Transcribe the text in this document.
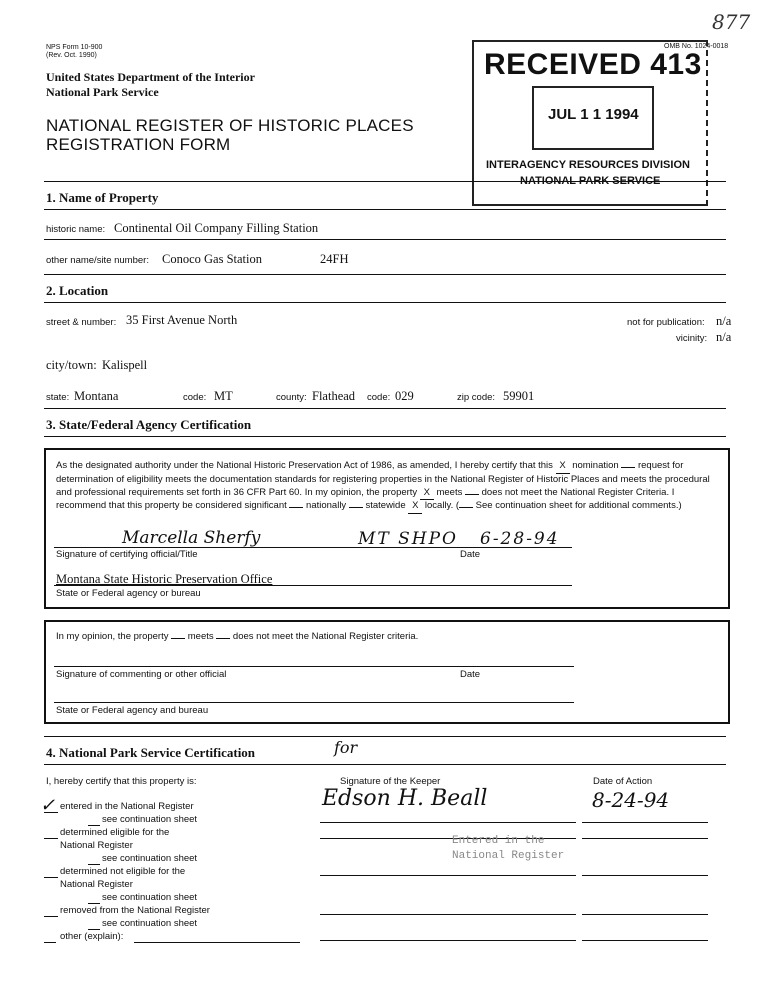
NPS Form 10-900
(Rev. Oct. 1990)
United States Department of the Interior
National Park Service
NATIONAL REGISTER OF HISTORIC PLACES
REGISTRATION FORM
OMB No. 1024-0018
877
RECEIVED 413
JUL 1 1 1994
INTERAGENCY RESOURCES DIVISION
NATIONAL PARK SERVICE
1. Name of Property
historic name: Continental Oil Company Filling Station
other name/site number: Conoco Gas Station	24FH
2. Location
street & number: 35 First Avenue North	not for publication: n/a
vicinity: n/a
city/town: Kalispell
state: Montana	code: MT	county: Flathead code: 029	zip code: 59901
3. State/Federal Agency Certification
As the designated authority under the National Historic Preservation Act of 1986, as amended, I hereby certify that this X nomination request for determination of eligibility meets the documentation standards for registering properties in the National Register of Historic Places and meets the procedural and professional requirements set forth in 36 CFR Part 60. In my opinion, the property X meets does not meet the National Register Criteria. I recommend that this property be considered significant nationally statewide X locally. ( See continuation sheet for additional comments.)
Marcella Sherfy	MT SHPO 6-28-94
Signature of certifying official/Title	Date
Montana State Historic Preservation Office
State or Federal agency or bureau
In my opinion, the property meets does not meet the National Register criteria.
Signature of commenting or other official	Date
State or Federal agency and bureau
4. National Park Service Certification	for
I, hereby certify that this property is:	Signature of the Keeper	Date of Action
Edson H. Beall	8-24-94
✓ entered in the National Register
see continuation sheet
determined eligible for the
National Register
see continuation sheet
determined not eligible for the
National Register
see continuation sheet
removed from the National Register
see continuation sheet
other (explain):
Entered in the
National Register
